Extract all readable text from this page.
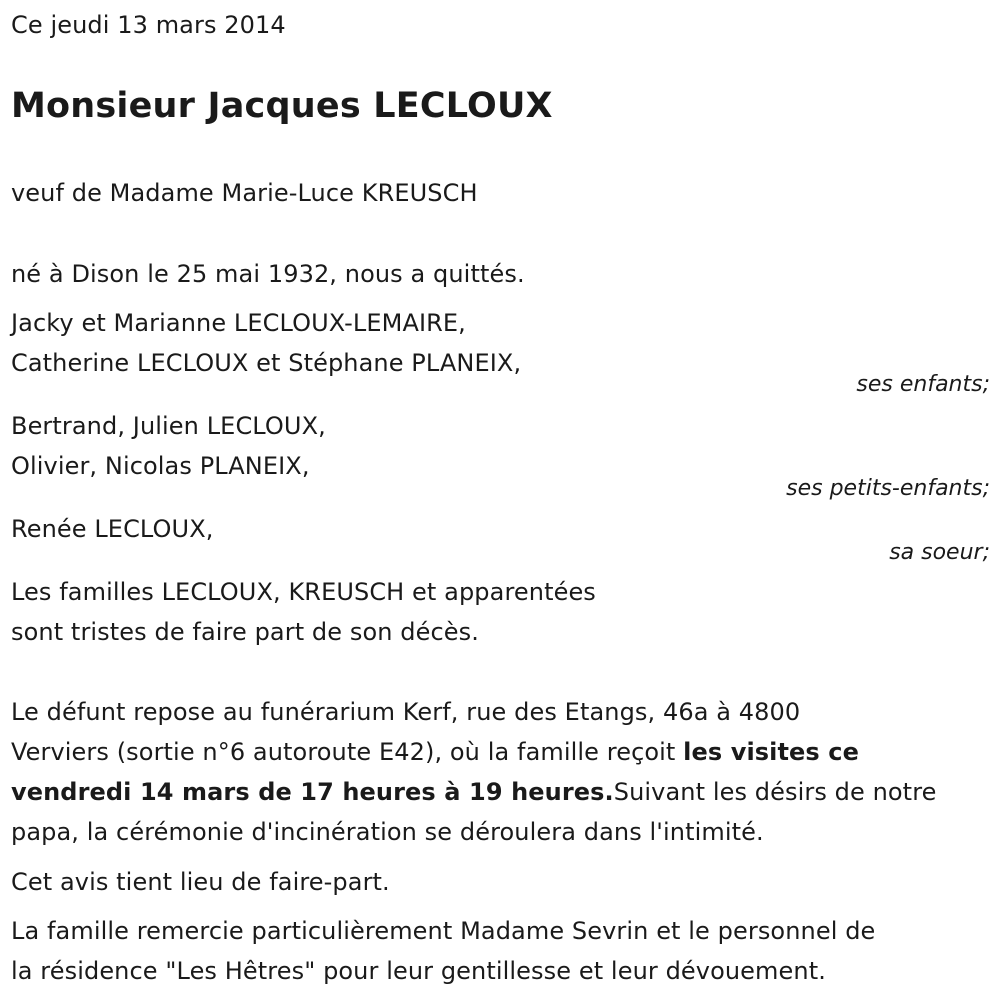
Ce jeudi 13 mars 2014
Monsieur Jacques LECLOUX
veuf de Madame Marie-Luce KREUSCH
né à Dison le 25 mai 1932, nous a quittés.
Jacky et Marianne LECLOUX-LEMAIRE,
Catherine LECLOUX et Stéphane PLANEIX,
ses enfants;
Bertrand, Julien LECLOUX,
Olivier, Nicolas PLANEIX,
ses petits-enfants;
Renée LECLOUX,
sa soeur;
Les familles LECLOUX, KREUSCH et apparentées
sont tristes de faire part de son décès.
Le défunt repose au funérarium Kerf, rue des Etangs, 46a à 4800
Verviers (sortie n°6 autoroute E42), où la famille reçoit les visites ce
vendredi 14 mars de 17 heures à 19 heures.Suivant les désirs de notre
papa, la cérémonie d'incinération se déroulera dans l'intimité.
Cet avis tient lieu de faire-part.
La famille remercie particulièrement Madame Sevrin et le personnel de
la résidence "Les Hêtres" pour leur gentillesse et leur dévouement.
